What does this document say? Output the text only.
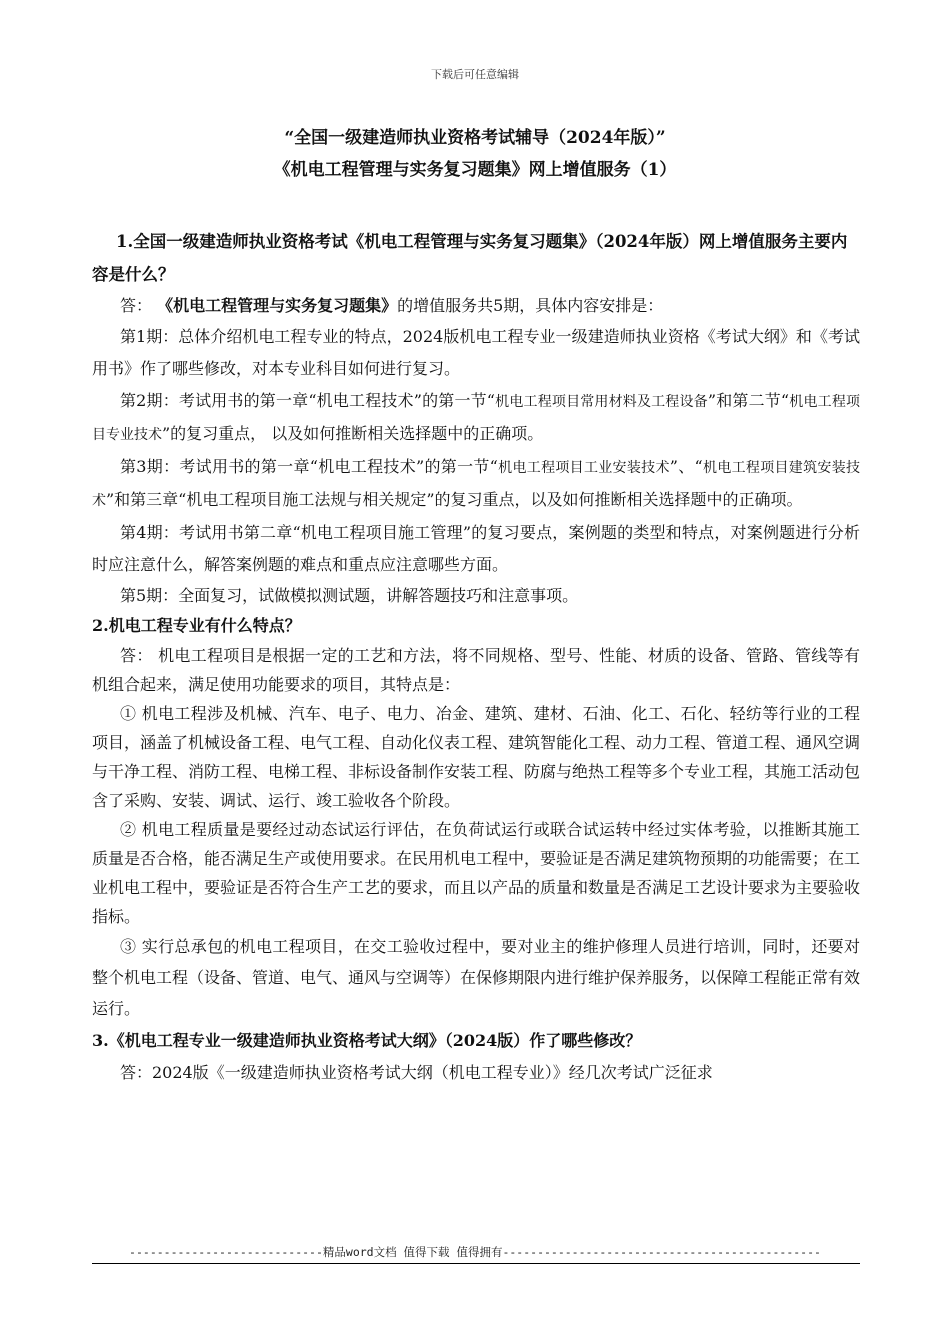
下载后可任意编辑
“全国一级建造师执业资格考试辅导（2024年版）”
《机电工程管理与实务复习题集》网上增值服务（1）

1.全国一级建造师执业资格考试《机电工程管理与实务复习题集》（2024年版）网上增值服务主要内容是什么？

答： 《机电工程管理与实务复习题集》的增值服务共5期，具体内容安排是：

第1期：总体介绍机电工程专业的特点，2024版机电工程专业一级建造师执业资格《考试大纲》和《考试用书》作了哪些修改，对本专业科目如何进行复习。

第2期：考试用书的第一章“机电工程技术”的第一节“机电工程项目常用材料及工程设备”和第二节“机电工程项目专业技术”的复习重点， 以及如何推断相关选择题中的正确项。

第3期：考试用书的第一章“机电工程技术”的第一节“机电工程项目工业安装技术”、“机电工程项目建筑安装技术”和第三章“机电工程项目施工法规与相关规定”的复习重点，以及如何推断相关选择题中的正确项。

第4期：考试用书第二章“机电工程项目施工管理”的复习要点，案例题的类型和特点，对案例题进行分析时应注意什么，解答案例题的难点和重点应注意哪些方面。

第5期：全面复习，试做模拟测试题，讲解答题技巧和注意事项。

2.机电工程专业有什么特点？

答： 机电工程项目是根据一定的工艺和方法，将不同规格、型号、性能、材质的设备、管路、管线等有机组合起来，满足使用功能要求的项目，其特点是：

① 机电工程涉及机械、汽车、电子、电力、冶金、建筑、建材、石油、化工、石化、轻纺等行业的工程项目，涵盖了机械设备工程、电气工程、自动化仪表工程、建筑智能化工程、动力工程、管道工程、通风空调与干净工程、消防工程、电梯工程、非标设备制作安装工程、防腐与绝热工程等多个专业工程，其施工活动包含了采购、安装、调试、运行、竣工验收各个阶段。

② 机电工程质量是要经过动态试运行评估，在负荷试运行或联合试运转中经过实体考验，以推断其施工质量是否合格，能否满足生产或使用要求。在民用机电工程中，要验证是否满足建筑物预期的功能需要；在工业机电工程中，要验证是否符合生产工艺的要求，而且以产品的质量和数量是否满足工艺设计要求为主要验收指标。

③ 实行总承包的机电工程项目，在交工验收过程中，要对业主的维护修理人员进行培训，同时，还要对整个机电工程（设备、管道、电气、通风与空调等）在保修期限内进行维护保养服务，以保障工程能正常有效运行。

3.《机电工程专业一级建造师执业资格考试大纲》（2024版）作了哪些修改？

答：2024版《一级建造师执业资格考试大纲（机电工程专业）》经几次考试广泛征求

----------------------------精品word文档 值得下载 值得拥有----------------------------------------------
